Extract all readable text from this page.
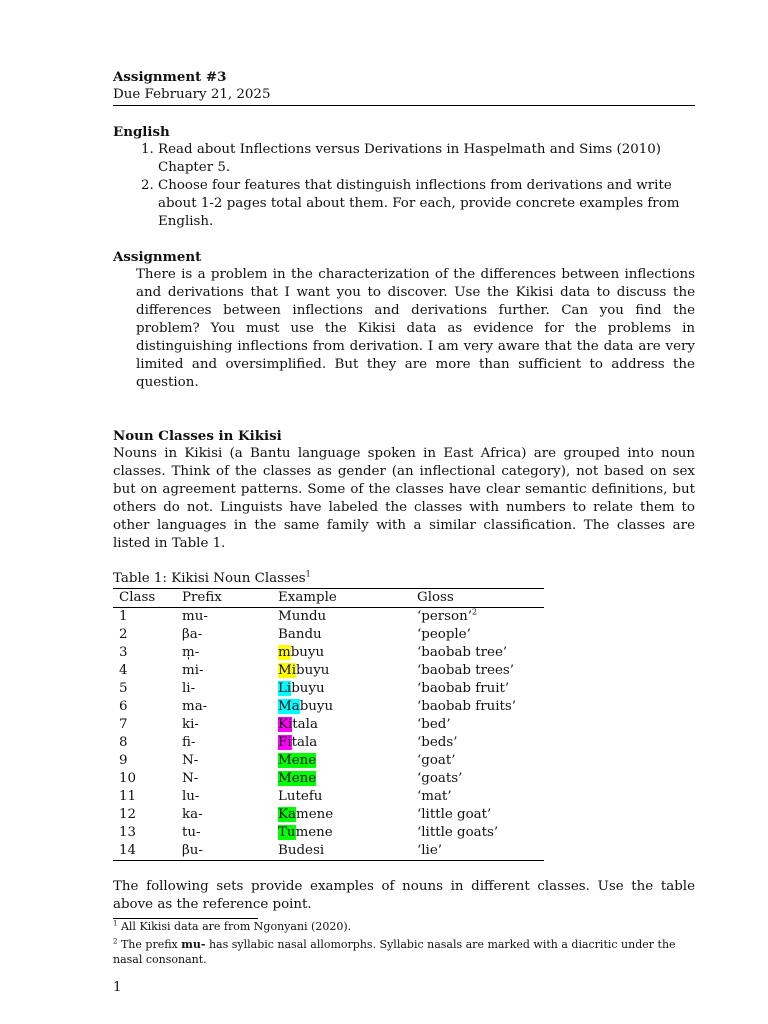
Assignment #3
Due February 21, 2025
English
1. Read about Inflections versus Derivations in Haspelmath and Sims (2010) Chapter 5.
2. Choose four features that distinguish inflections from derivations and write about 1-2 pages total about them. For each, provide concrete examples from English.
Assignment
There is a problem in the characterization of the differences between inflections and derivations that I want you to discover. Use the Kikisi data to discuss the differences between inflections and derivations further. Can you find the problem? You must use the Kikisi data as evidence for the problems in distinguishing inflections from derivation. I am very aware that the data are very limited and oversimplified. But they are more than sufficient to address the question.
Noun Classes in Kikisi
Nouns in Kikisi (a Bantu language spoken in East Africa) are grouped into noun classes. Think of the classes as gender (an inflectional category), not based on sex but on agreement patterns. Some of the classes have clear semantic definitions, but others do not. Linguists have labeled the classes with numbers to relate them to other languages in the same family with a similar classification. The classes are listed in Table 1.
Table 1: Kikisi Noun Classes$^1$
Class	Prefix	Example	Gloss
1	mu-	Mundu	‘person’$^2$
2	βa-	Bandu	‘people’
3	m̩-	mbuyu	‘baobab tree’
4	mi-	Mibuyu	‘baobab trees’
5	li-	Libuyu	‘baobab fruit’
6	ma-	Mabuyu	‘baobab fruits’
7	ki-	Kitala	‘bed’
8	fi-	Fitala	‘beds’
9	N-	Mene	‘goat’
10	N-	Mene	‘goats’
11	lu-	Lutefu	‘mat’
12	ka-	Kamene	‘little goat’
13	tu-	Tumene	‘little goats’
14	βu-	Budesi	‘lie’
The following sets provide examples of nouns in different classes. Use the table above as the reference point.
$^1$ All Kikisi data are from Ngonyani (2020).
$^2$ The prefix mu- has syllabic nasal allomorphs. Syllabic nasals are marked with a diacritic under the nasal consonant.
1
